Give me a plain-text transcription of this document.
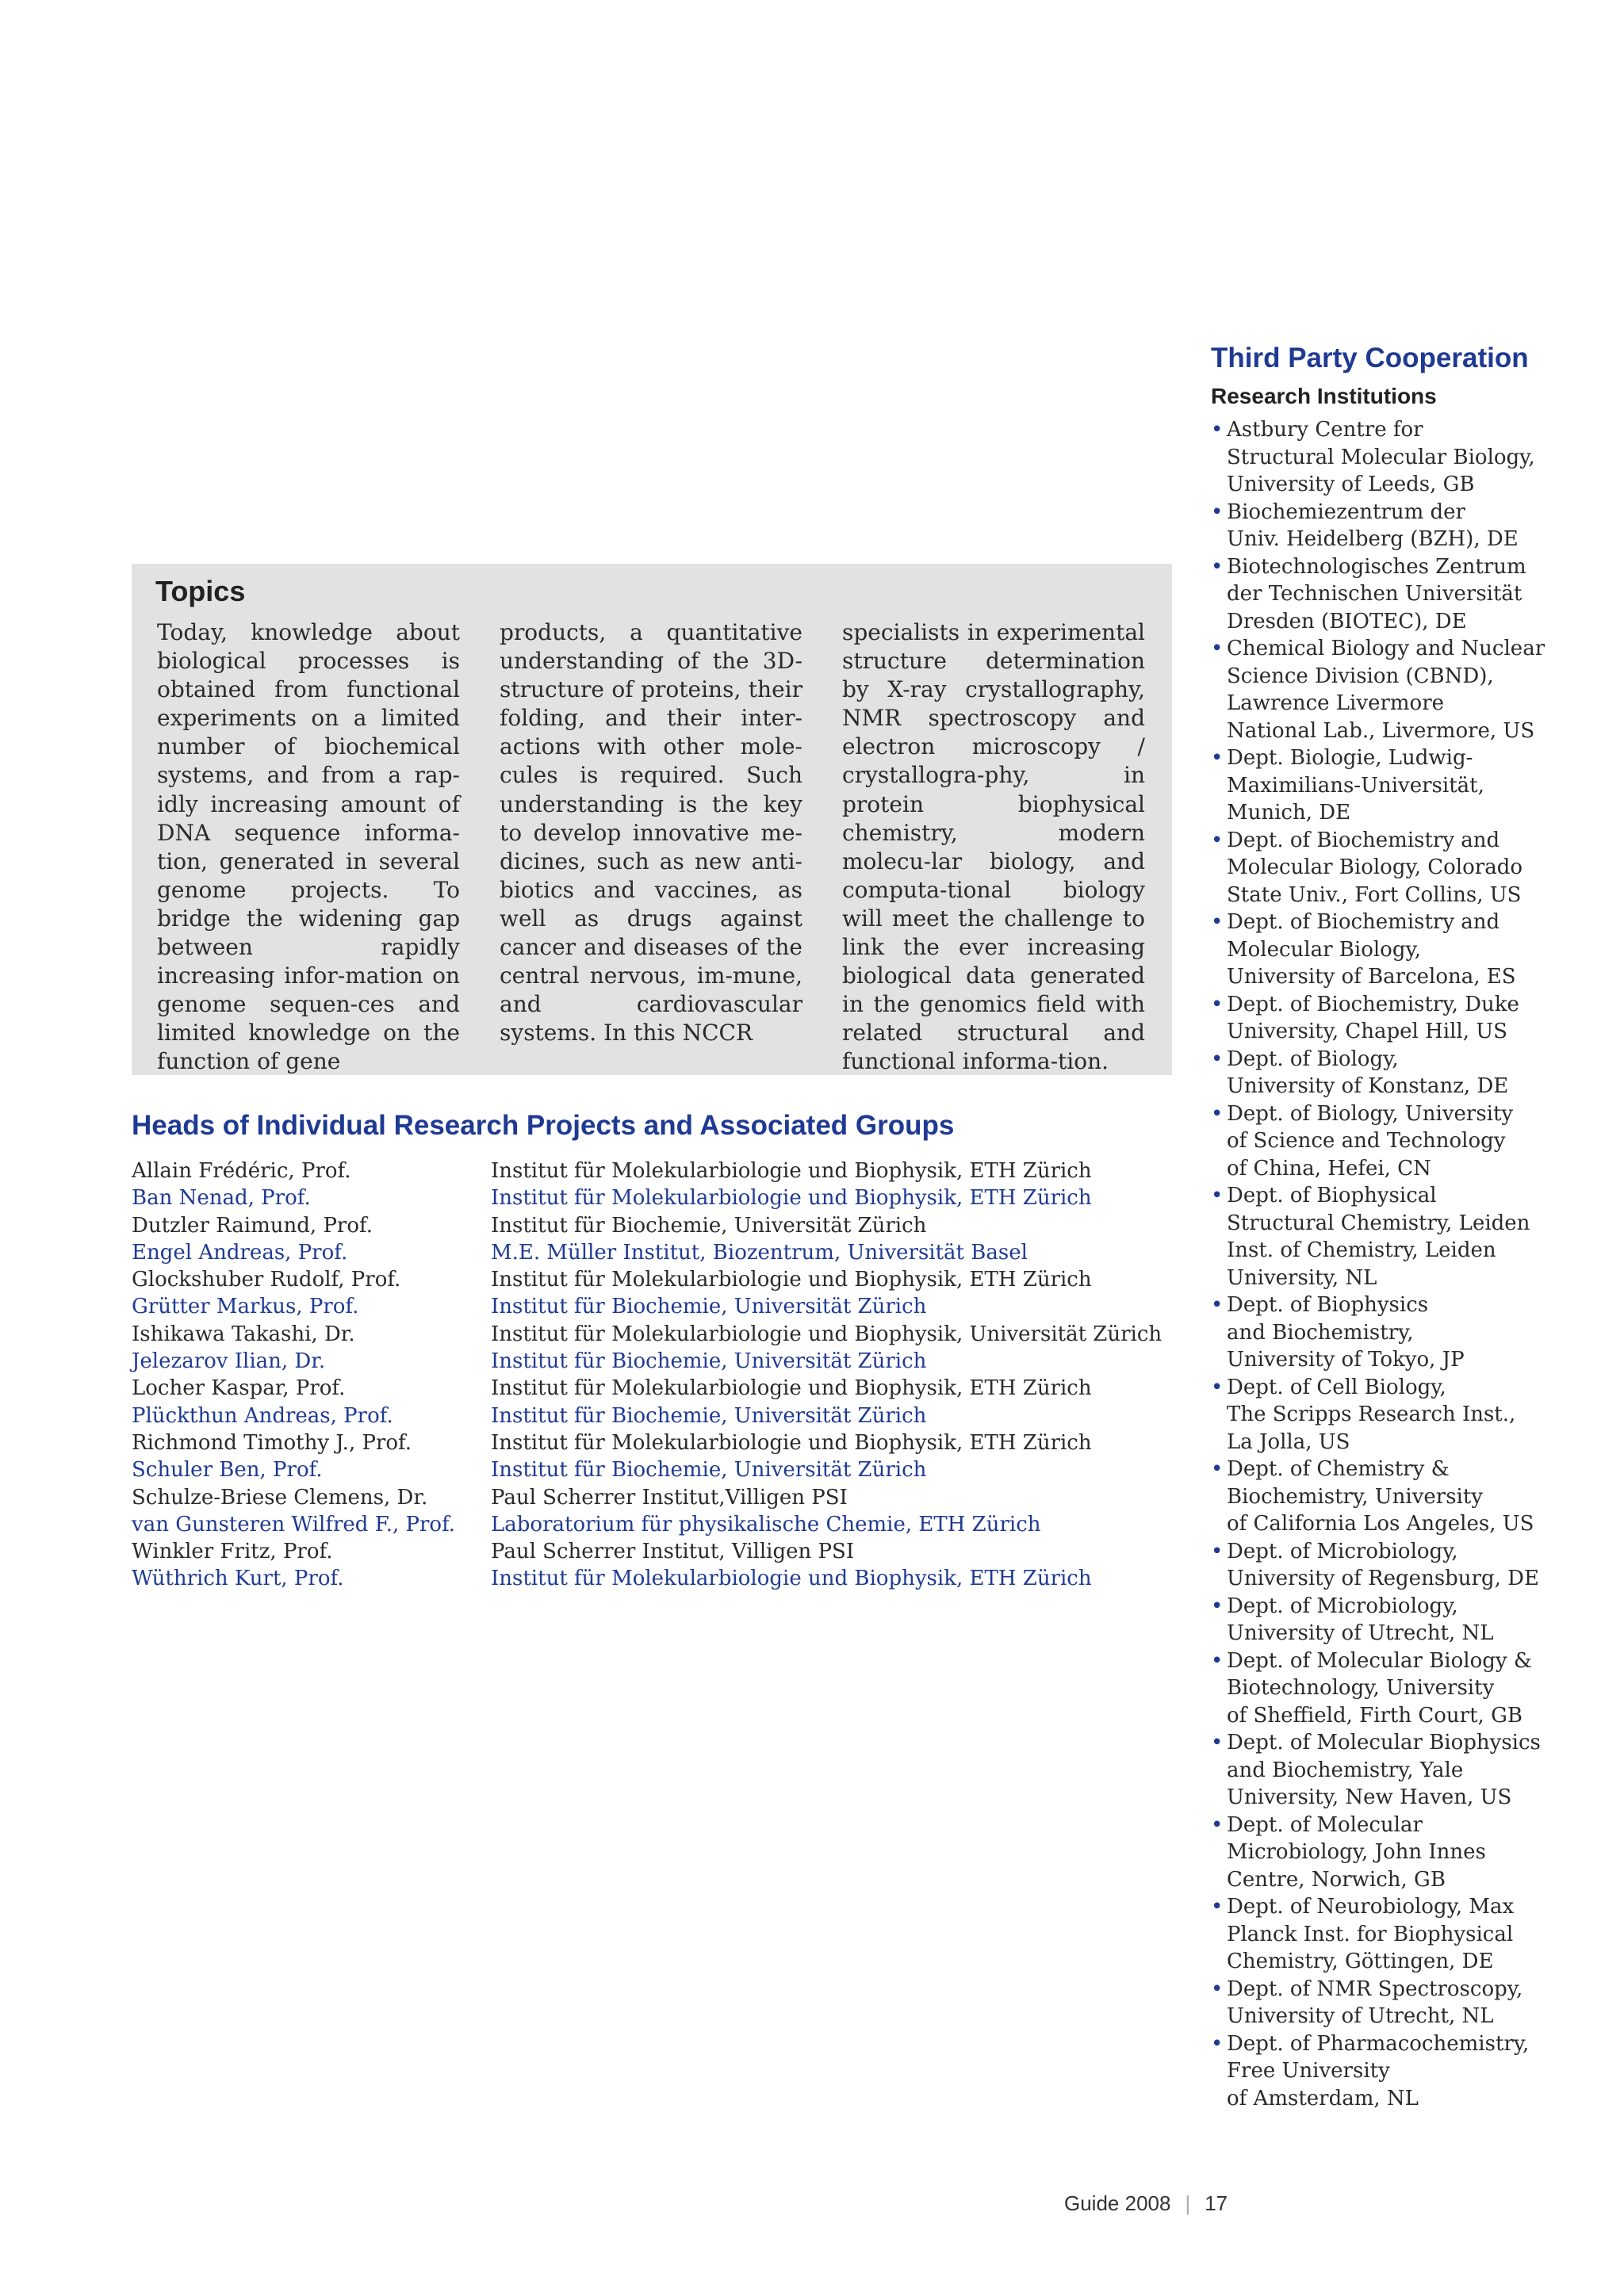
Topics
Today, knowledge about biological processes is obtained from functional experiments on a limited number of biochemical systems, and from a rap-idly increasing amount of DNA sequence informa-tion, generated in several genome projects. To bridge the widening gap between rapidly increasing infor-mation on genome sequen-ces and limited knowledge on the function of gene
products, a quantitative understanding of the 3D-structure of proteins, their folding, and their inter-actions with other mole-cules is required. Such understanding is the key to develop innovative me-dicines, such as new anti-biotics and vaccines, as well as drugs against cancer and diseases of the central nervous, im-mune, and cardiovascular systems. In this NCCR
specialists in experimental structure determination by X-ray crystallography, NMR spectroscopy and electron microscopy / crystallogra-phy, in protein biophysical chemistry, modern molecu-lar biology, and computa-tional biology will meet the challenge to link the ever increasing biological data generated in the genomics field with related structural and functional informa-tion.
Heads of Individual Research Projects and Associated Groups
Allain Frédéric, Prof.	Institut für Molekularbiologie und Biophysik, ETH Zürich
Ban Nenad, Prof.	Institut für Molekularbiologie und Biophysik, ETH Zürich
Dutzler Raimund, Prof.	Institut für Biochemie, Universität Zürich
Engel Andreas, Prof.	M.E. Müller Institut, Biozentrum, Universität Basel
Glockshuber Rudolf, Prof.	Institut für Molekularbiologie und Biophysik, ETH Zürich
Grütter Markus, Prof.	Institut für Biochemie, Universität Zürich
Ishikawa Takashi, Dr.	Institut für Molekularbiologie und Biophysik, Universität Zürich
Jelezarov Ilian, Dr.	Institut für Biochemie, Universität Zürich
Locher Kaspar, Prof.	Institut für Molekularbiologie und Biophysik, ETH Zürich
Plückthun Andreas, Prof.	Institut für Biochemie, Universität Zürich
Richmond Timothy J., Prof.	Institut für Molekularbiologie und Biophysik, ETH Zürich
Schuler Ben, Prof.	Institut für Biochemie, Universität Zürich
Schulze-Briese Clemens, Dr.	Paul Scherrer Institut,Villigen PSI
van Gunsteren Wilfred F., Prof.	Laboratorium für physikalische Chemie, ETH Zürich
Winkler Fritz, Prof.	Paul Scherrer Institut, Villigen PSI
Wüthrich Kurt, Prof.	Institut für Molekularbiologie und Biophysik, ETH Zürich
Third Party Cooperation
Research Institutions
• Astbury Centre for
Structural Molecular Biology,
University of Leeds, GB
• Biochemiezentrum der
Univ. Heidelberg (BZH), DE
• Biotechnologisches Zentrum
der Technischen Universität
Dresden (BIOTEC), DE
• Chemical Biology and Nuclear
Science Division (CBND),
Lawrence Livermore
National Lab., Livermore, US
• Dept. Biologie, Ludwig-
Maximilians-Universität,
Munich, DE
• Dept. of Biochemistry and
Molecular Biology, Colorado
State Univ., Fort Collins, US
• Dept. of Biochemistry and
Molecular Biology,
University of Barcelona, ES
• Dept. of Biochemistry, Duke
University, Chapel Hill, US
• Dept. of Biology,
University of Konstanz, DE
• Dept. of Biology, University
of Science and Technology
of China, Hefei, CN
• Dept. of Biophysical
Structural Chemistry, Leiden
Inst. of Chemistry, Leiden
University, NL
• Dept. of Biophysics
and Biochemistry,
University of Tokyo, JP
• Dept. of Cell Biology,
The Scripps Research Inst.,
La Jolla, US
• Dept. of Chemistry &
Biochemistry, University
of California Los Angeles, US
• Dept. of Microbiology,
University of Regensburg, DE
• Dept. of Microbiology,
University of Utrecht, NL
• Dept. of Molecular Biology &
Biotechnology, University
of Sheffield, Firth Court, GB
• Dept. of Molecular Biophysics
and Biochemistry, Yale
University, New Haven, US
• Dept. of Molecular
Microbiology, John Innes
Centre, Norwich, GB
• Dept. of Neurobiology, Max
Planck Inst. for Biophysical
Chemistry, Göttingen, DE
• Dept. of NMR Spectroscopy,
University of Utrecht, NL
• Dept. of Pharmacochemistry,
Free University
of Amsterdam, NL
Guide 2008 | 17
